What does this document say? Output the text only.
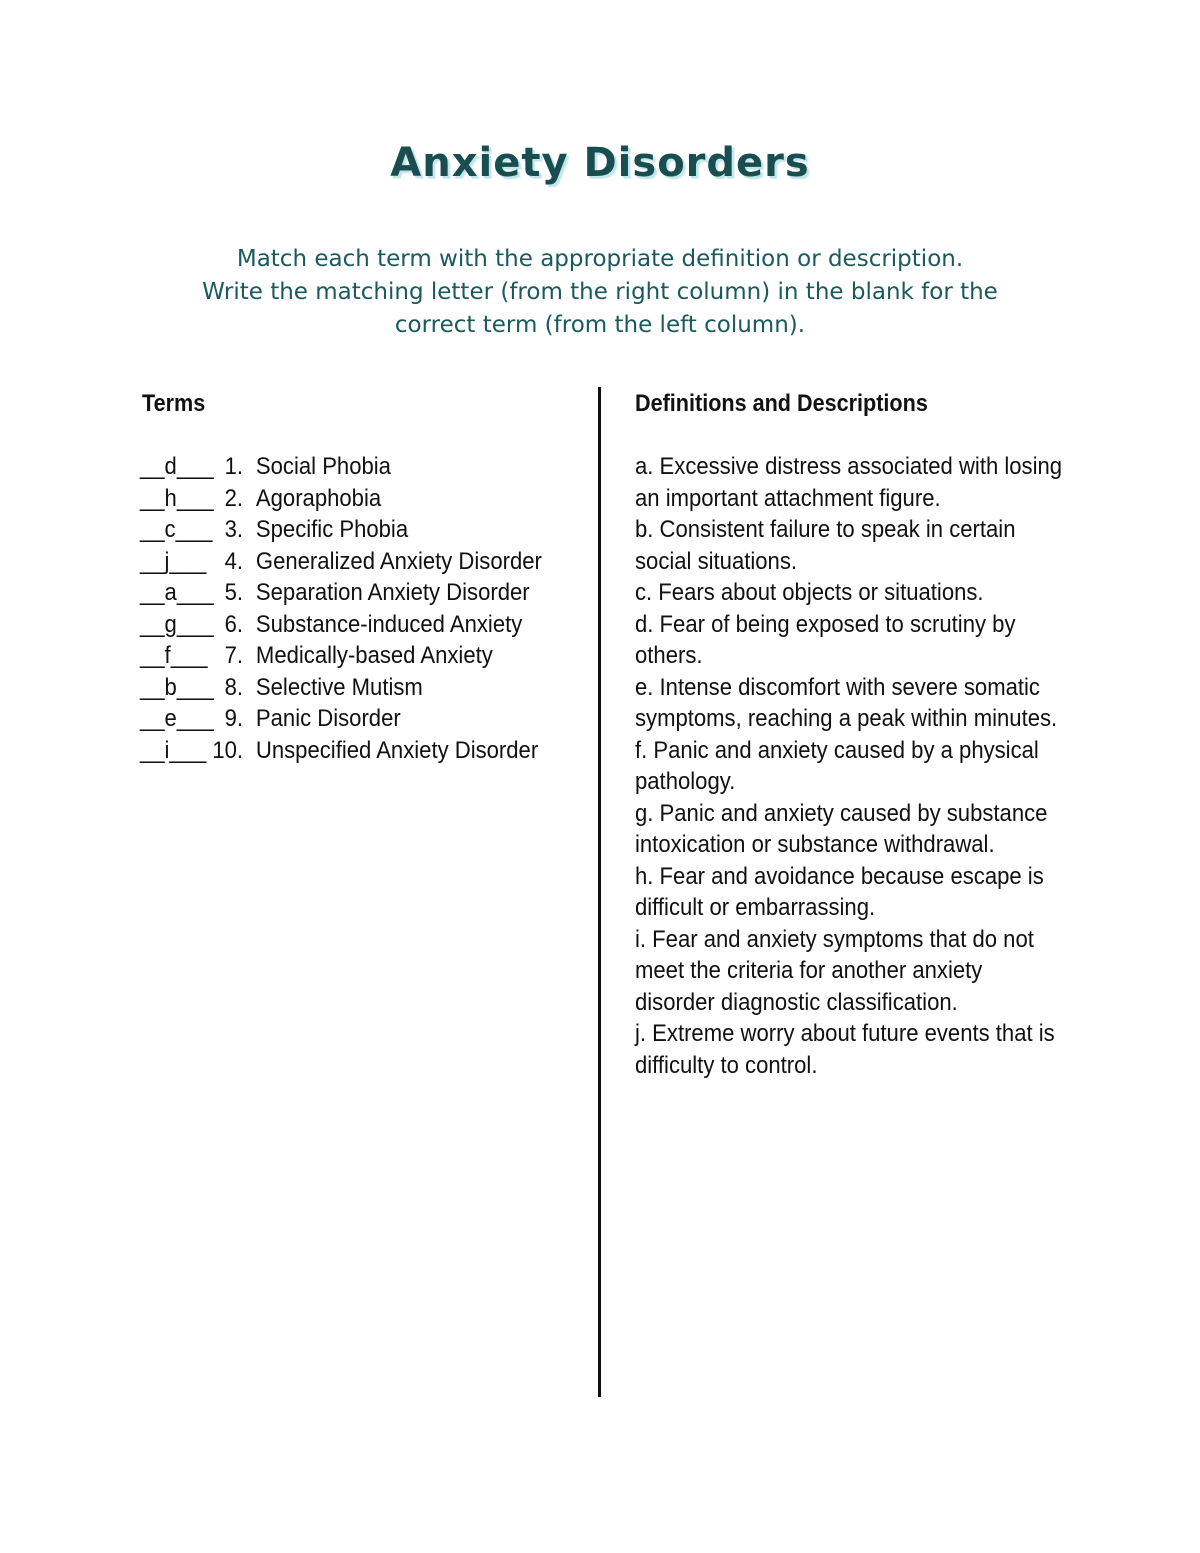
Anxiety Disorders

Match each term with the appropriate definition or description.
Write the matching letter (from the right column) in the blank for the
correct term (from the left column).

Terms	Definitions and Descriptions
__d___ 1. Social Phobia
__h___ 2. Agoraphobia
__c___ 3. Specific Phobia
__j___ 4. Generalized Anxiety Disorder
__a___ 5. Separation Anxiety Disorder
__g___ 6. Substance-induced Anxiety
__f___ 7. Medically-based Anxiety
__b___ 8. Selective Mutism
__e___ 9. Panic Disorder
__i___ 10. Unspecified Anxiety Disorder
a. Excessive distress associated with losing an important attachment figure.
b. Consistent failure to speak in certain social situations.
c. Fears about objects or situations.
d. Fear of being exposed to scrutiny by others.
e. Intense discomfort with severe somatic symptoms, reaching a peak within minutes.
f. Panic and anxiety caused by a physical pathology.
g. Panic and anxiety caused by substance intoxication or substance withdrawal.
h. Fear and avoidance because escape is difficult or embarrassing.
i. Fear and anxiety symptoms that do not meet the criteria for another anxiety disorder diagnostic classification.
j. Extreme worry about future events that is difficulty to control.
